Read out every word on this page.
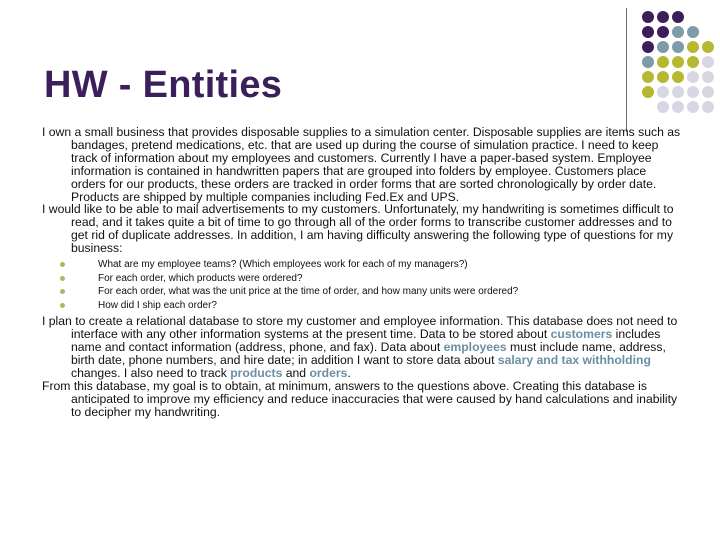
HW - Entities

I own a small business that provides disposable supplies to a simulation center. Disposable supplies are items such as bandages, pretend medications, etc. that are used up during the course of simulation practice. I need to keep track of information about my employees and customers. Currently I have a paper-based system. Employee information is contained in handwritten papers that are grouped into folders by employee. Customers place orders for our products, these orders are tracked in order forms that are sorted chronologically by order date. Products are shipped by multiple companies including Fed.Ex and UPS.

I would like to be able to mail advertisements to my customers. Unfortunately, my handwriting is sometimes difficult to read, and it takes quite a bit of time to go through all of the order forms to transcribe customer addresses and to get rid of duplicate addresses. In addition, I am having difficulty answering the following type of questions for my business:

What are my employee teams? (Which employees work for each of my managers?)
For each order, which products were ordered?
For each order, what was the unit price at the time of order, and how many units were ordered?
How did I ship each order?

I plan to create a relational database to store my customer and employee information. This database does not need to interface with any other information systems at the present time. Data to be stored about customers includes name and contact information (address, phone, and fax). Data about employees must include name, address, birth date, phone numbers, and hire date; in addition I want to store data about salary and tax withholding changes. I also need to track products and orders.

From this database, my goal is to obtain, at minimum, answers to the questions above. Creating this database is anticipated to improve my efficiency and reduce inaccuracies that were caused by hand calculations and inability to decipher my handwriting.
